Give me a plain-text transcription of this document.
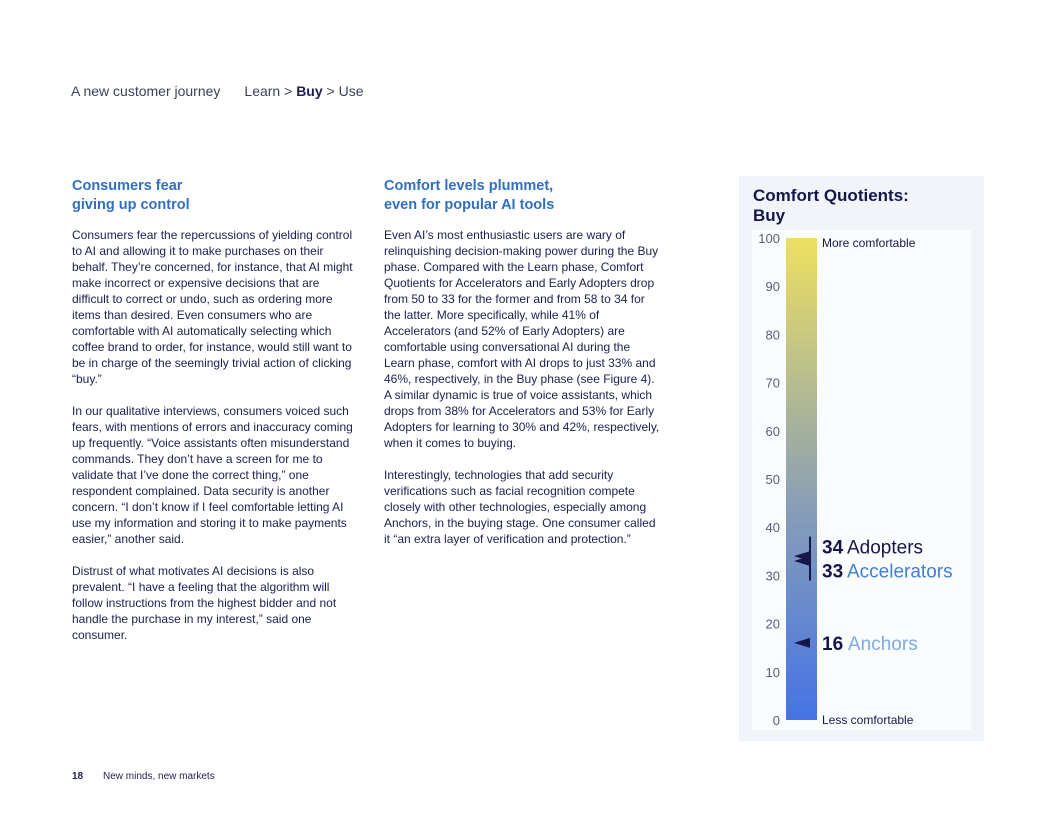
A new customer journey Learn > Buy > Use
Consumers fear
giving up control

Consumers fear the repercussions of yielding control to AI and allowing it to make purchases on their behalf. They’re concerned, for instance, that AI might make incorrect or expensive decisions that are difficult to correct or undo, such as ordering more items than desired. Even consumers who are comfortable with AI automatically selecting which coffee brand to order, for instance, would still want to be in charge of the seemingly trivial action of clicking “buy.”

In our qualitative interviews, consumers voiced such fears, with mentions of errors and inaccuracy coming up frequently. “Voice assistants often misunderstand commands. They don’t have a screen for me to validate that I’ve done the correct thing,” one respondent complained. Data security is another concern. “I don’t know if I feel comfortable letting AI use my information and storing it to make payments easier,” another said.

Distrust of what motivates AI decisions is also prevalent. “I have a feeling that the algorithm will follow instructions from the highest bidder and not handle the purchase in my interest,” said one consumer.

Comfort levels plummet,
even for popular AI tools

Even AI’s most enthusiastic users are wary of relinquishing decision-making power during the Buy phase. Compared with the Learn phase, Comfort Quotients for Accelerators and Early Adopters drop from 50 to 33 for the former and from 58 to 34 for the latter. More specifically, while 41% of Accelerators (and 52% of Early Adopters) are comfortable using conversational AI during the Learn phase, comfort with AI drops to just 33% and 46%, respectively, in the Buy phase (see Figure 4). A similar dynamic is true of voice assistants, which drops from 38% for Accelerators and 53% for Early Adopters for learning to 30% and 42%, respectively, when it comes to buying.

Interestingly, technologies that add security verifications such as facial recognition compete closely with other technologies, especially among Anchors, in the buying stage. One consumer called it “an extra layer of verification and protection.”

Comfort Quotients:
Buy
0
10
20
30
40
50
60
70
80
90
100	More comfortable
Less comfortable
34 Adopters
33 Accelerators
16 Anchors
18	New minds, new markets
